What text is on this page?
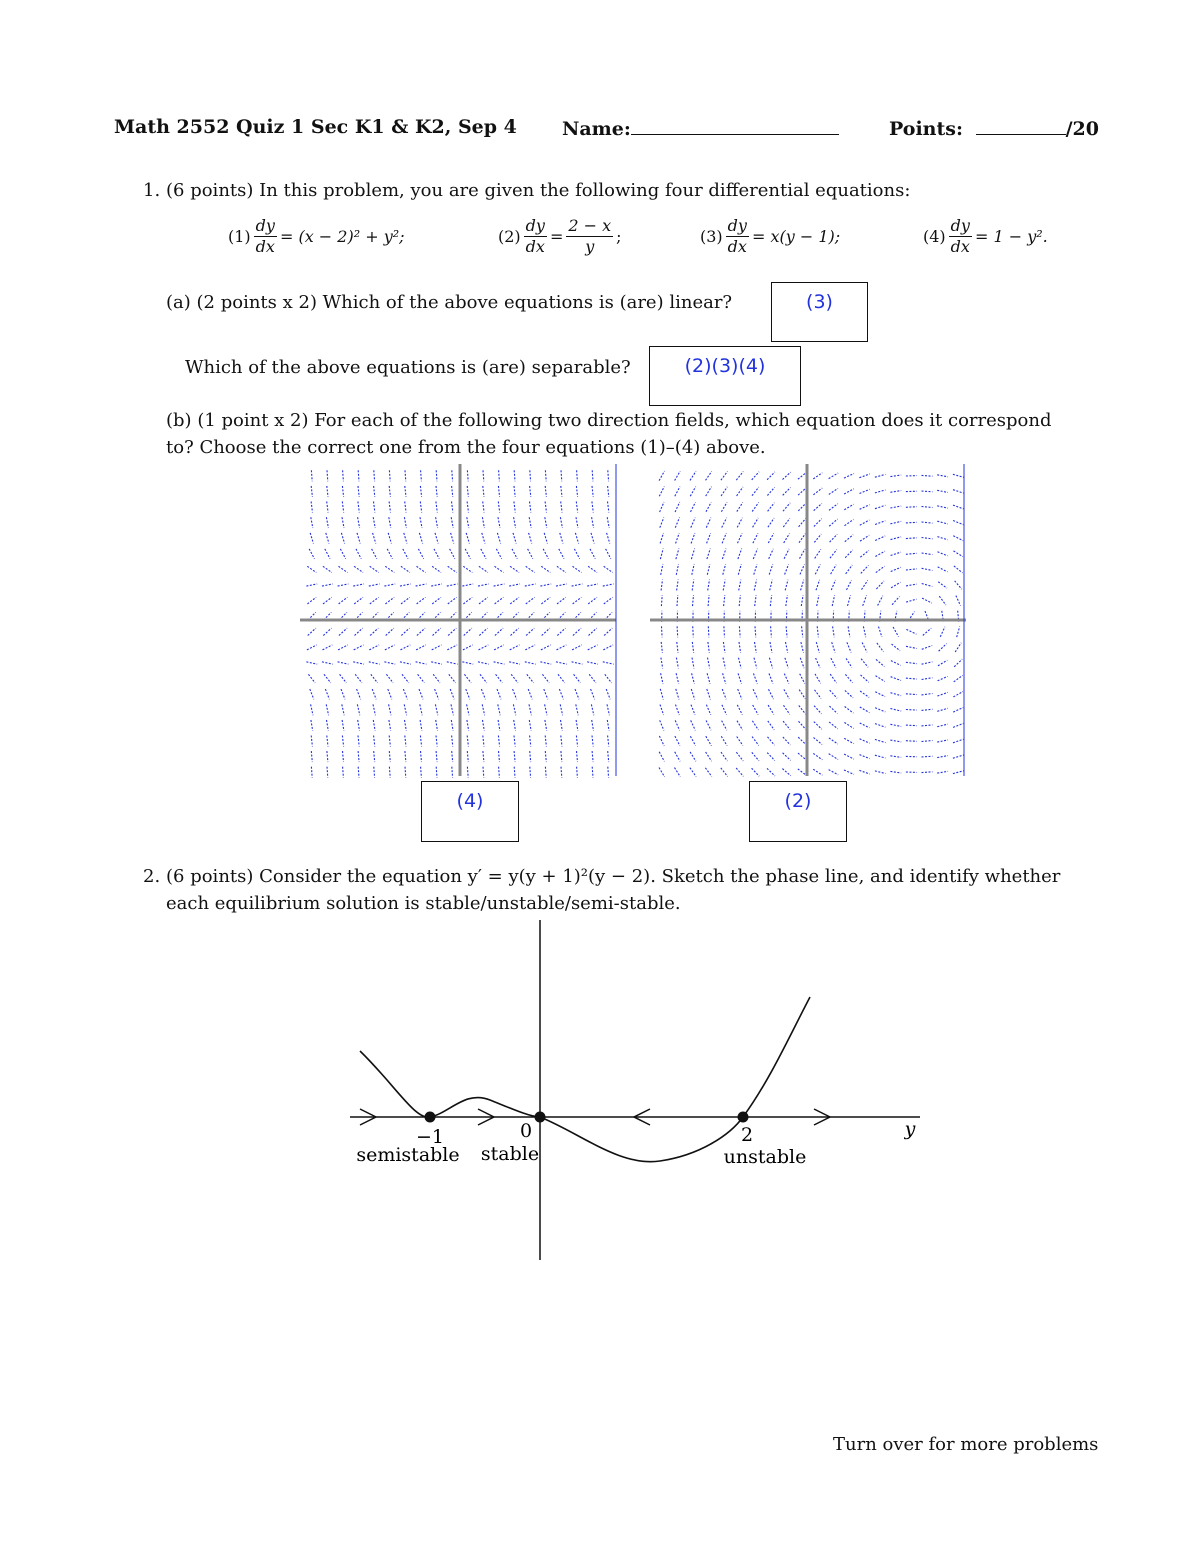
Math 2552 Quiz 1 Sec K1 & K2, Sep 4 Name:	Points:	/20
1. (6 points) In this problem, you are given the following four differential equations:
$(1) \frac{dy}{dx} = (x - 2)^2 + y^2$;	$(2) \frac{dy}{dx} = \frac{2 - x}{y}$ ;	$(3) \frac{dy}{dx} = x(y - 1)$;	$(4) \frac{dy}{dx} = 1 - y^2$.
(a) (2 points x 2) Which of the above equations is (are) linear?	(3)
Which of the above equations is (are) separable?	(2)(3)(4)
(b) (1 point x 2) For each of the following two direction fields, which equation does it correspond
to? Choose the correct one from the four equations (1)–(4) above.
(4)	(2)
2. (6 points) Consider the equation y′ = y(y + 1)²(y − 2). Sketch the phase line, and identify whether
each equilibrium solution is stable/unstable/semi-stable.
−1	0	2
semistable stable	unstable
y
Turn over for more problems
